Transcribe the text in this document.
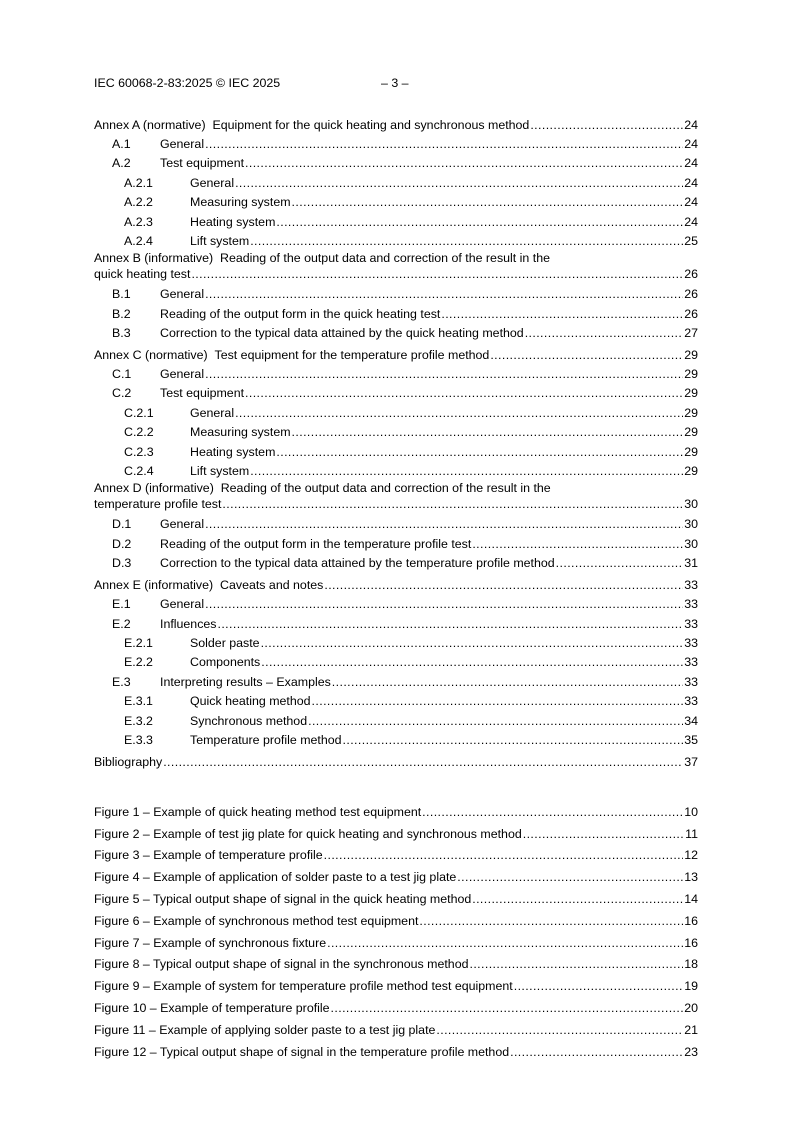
IEC 60068-2-83:2025 © IEC 2025	– 3 –
Annex A (normative)
Equipment for the quick heating and synchronous method .....	24
A.1	General .....	24
A.2	Test equipment .....	24
A.2.1	General .....	24
A.2.2	Measuring system .....	24
A.2.3	Heating system .....	24
A.2.4	Lift system .....	25
Annex B (informative) Reading of the output data and correction of the result in the
quick heating test .....	26
B.1	General .....	26
B.2	Reading of the output form in the quick heating test .....	26
B.3	Correction to the typical data attained by the quick heating method .....	27
Annex C (normative)
Test equipment for the temperature profile method .....	29
C.1	General .....	29
C.2	Test equipment .....	29
C.2.1	General .....	29
C.2.2	Measuring system .....	29
C.2.3	Heating system .....	29
C.2.4	Lift system .....	29
Annex D (informative) Reading of the output data and correction of the result in the
temperature profile test .....	30
D.1	General .....	30
D.2	Reading of the output form in the temperature profile test .....	30
D.3	Correction to the typical data attained by the temperature profile method .....	31
Annex E (informative)
Caveats and notes .....	33
E.1	General .....	33
E.2	Influences .....	33
E.2.1	Solder paste .....	33
E.2.2	Components .....	33
E.3	Interpreting results – Examples .....	33
E.3.1	Quick heating method .....	33
E.3.2	Synchronous method .....	34
E.3.3	Temperature profile method .....	35
Bibliography .....	37
Figure 1 – Example of quick heating method test equipment .....	10
Figure 2 – Example of test jig plate for quick heating and synchronous method .....	11
Figure 3 – Example of temperature profile .....	12
Figure 4 – Example of application of solder paste to a test jig plate .....	13
Figure 5 – Typical output shape of signal in the quick heating method .....	14
Figure 6 – Example of synchronous method test equipment .....	16
Figure 7 – Example of synchronous fixture .....	16
Figure 8 – Typical output shape of signal in the synchronous method .....	18
Figure 9 – Example of system for temperature profile method test equipment .....	19
Figure 10 – Example of temperature profile .....	20
Figure 11 – Example of applying solder paste to a test jig plate .....	21
Figure 12 – Typical output shape of signal in the temperature profile method .....	23
